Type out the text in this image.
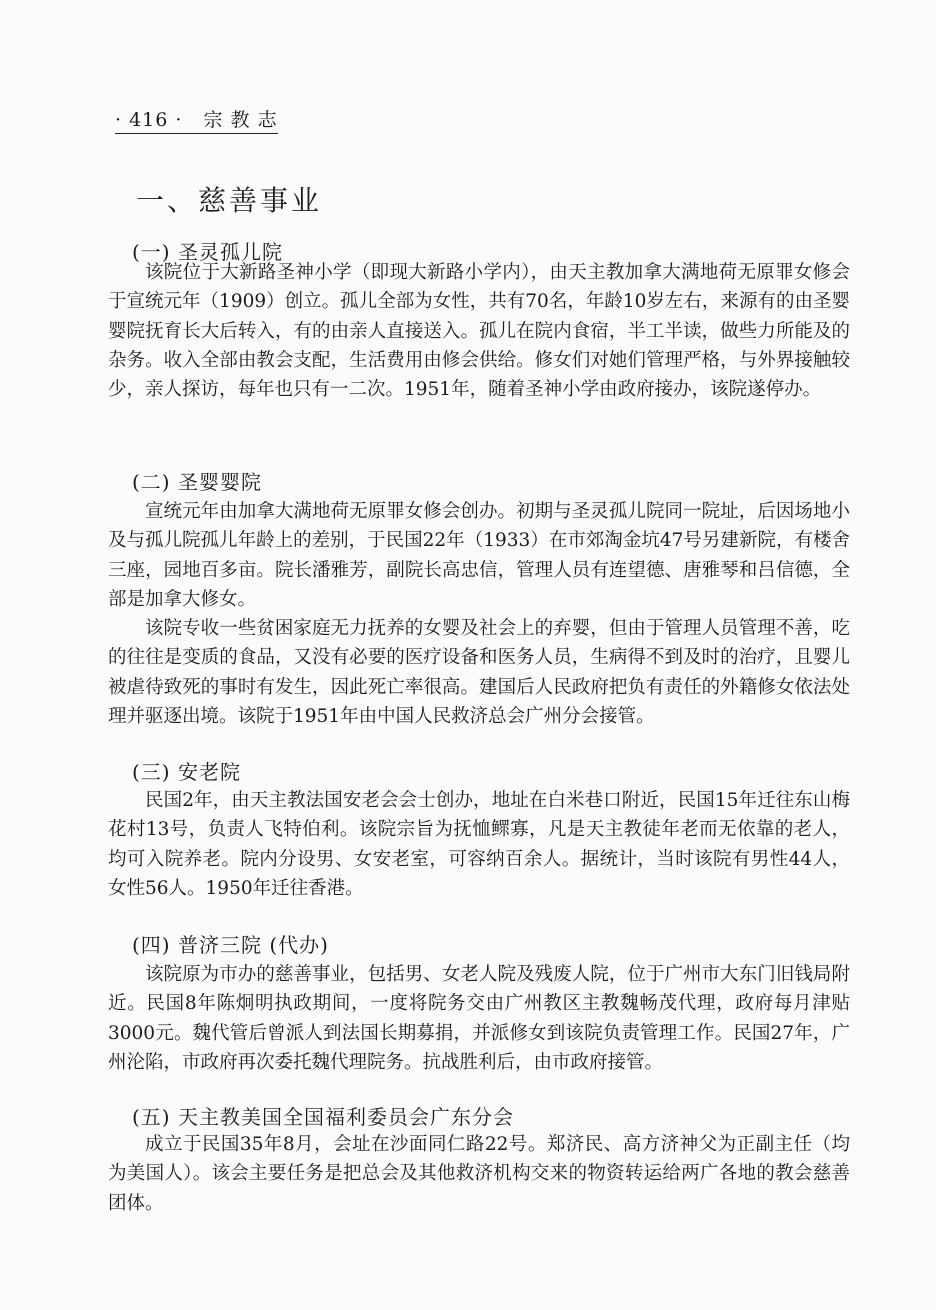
· 416 · 宗 教 志
一、慈善事业
(一) 圣灵孤儿院
该院位于大新路圣神小学（即现大新路小学内），由天主教加拿大满地荷无原罪女修会于宣统元年（1909）创立。孤儿全部为女性，共有70名，年龄10岁左右，来源有的由圣婴婴院抚育长大后转入，有的由亲人直接送入。孤儿在院内食宿，半工半读，做些力所能及的杂务。收入全部由教会支配，生活费用由修会供给。修女们对她们管理严格，与外界接触较少，亲人探访，每年也只有一二次。1951年，随着圣神小学由政府接办，该院遂停办。
(二) 圣婴婴院
宣统元年由加拿大满地荷无原罪女修会创办。初期与圣灵孤儿院同一院址，后因场地小及与孤儿院孤儿年龄上的差别，于民国22年（1933）在市郊淘金坑47号另建新院，有楼舍三座，园地百多亩。院长潘雅芳，副院长高忠信，管理人员有连望德、唐雅琴和吕信德，全部是加拿大修女。
该院专收一些贫困家庭无力抚养的女婴及社会上的弃婴，但由于管理人员管理不善，吃的往往是变质的食品，又没有必要的医疗设备和医务人员，生病得不到及时的治疗，且婴儿被虐待致死的事时有发生，因此死亡率很高。建国后人民政府把负有责任的外籍修女依法处理并驱逐出境。该院于1951年由中国人民救济总会广州分会接管。
(三) 安老院
民国2年，由天主教法国安老会会士创办，地址在白米巷口附近，民国15年迁往东山梅花村13号，负责人飞特伯利。该院宗旨为抚恤鳏寡，凡是天主教徒年老而无依靠的老人，均可入院养老。院内分设男、女安老室，可容纳百余人。据统计，当时该院有男性44人，女性56人。1950年迁往香港。
(四) 普济三院 (代办)
该院原为市办的慈善事业，包括男、女老人院及残废人院，位于广州市大东门旧钱局附近。民国8年陈炯明执政期间，一度将院务交由广州教区主教魏畅茂代理，政府每月津贴3000元。魏代管后曾派人到法国长期募捐，并派修女到该院负责管理工作。民国27年，广州沦陷，市政府再次委托魏代理院务。抗战胜利后，由市政府接管。
(五) 天主教美国全国福利委员会广东分会
成立于民国35年8月，会址在沙面同仁路22号。郑济民、高方济神父为正副主任（均为美国人）。该会主要任务是把总会及其他救济机构交来的物资转运给两广各地的教会慈善团体。
